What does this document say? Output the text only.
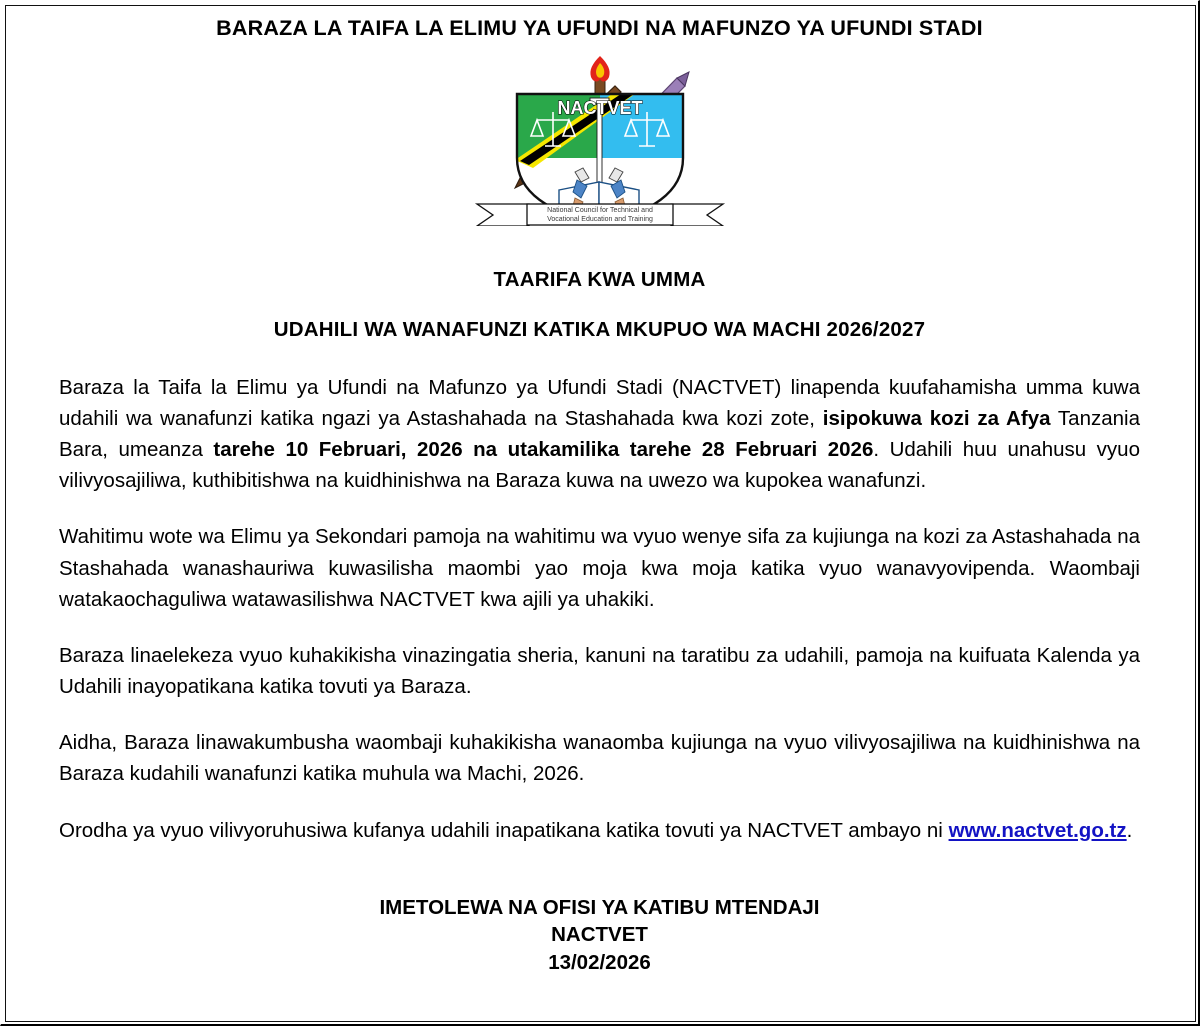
BARAZA LA TAIFA LA ELIMU YA UFUNDI NA MAFUNZO YA UFUNDI STADI
NACTVET
National Council for Technical and
Vocational Education and Training
TAARIFA KWA UMMA
UDAHILI WA WANAFUNZI KATIKA MKUPUO WA MACHI 2026/2027

Baraza la Taifa la Elimu ya Ufundi na Mafunzo ya Ufundi Stadi (NACTVET) linapenda kuufahamisha umma kuwa udahili wa wanafunzi katika ngazi ya Astashahada na Stashahada kwa kozi zote, isipokuwa kozi za Afya Tanzania Bara, umeanza tarehe 10 Februari, 2026 na utakamilika tarehe 28 Februari 2026. Udahili huu unahusu vyuo vilivyosajiliwa, kuthibitishwa na kuidhinishwa na Baraza kuwa na uwezo wa kupokea wanafunzi.

Wahitimu wote wa Elimu ya Sekondari pamoja na wahitimu wa vyuo wenye sifa za kujiunga na kozi za Astashahada na Stashahada wanashauriwa kuwasilisha maombi yao moja kwa moja katika vyuo wanavyovipenda. Waombaji watakaochaguliwa watawasilishwa NACTVET kwa ajili ya uhakiki.

Baraza linaelekeza vyuo kuhakikisha vinazingatia sheria, kanuni na taratibu za udahili, pamoja na kuifuata Kalenda ya Udahili inayopatikana katika tovuti ya Baraza.

Aidha, Baraza linawakumbusha waombaji kuhakikisha wanaomba kujiunga na vyuo vilivyosajiliwa na kuidhinishwa na Baraza kudahili wanafunzi katika muhula wa Machi, 2026.

Orodha ya vyuo vilivyoruhusiwa kufanya udahili inapatikana katika tovuti ya NACTVET ambayo ni www.nactvet.go.tz.

IMETOLEWA NA OFISI YA KATIBU MTENDAJI
NACTVET
13/02/2026
